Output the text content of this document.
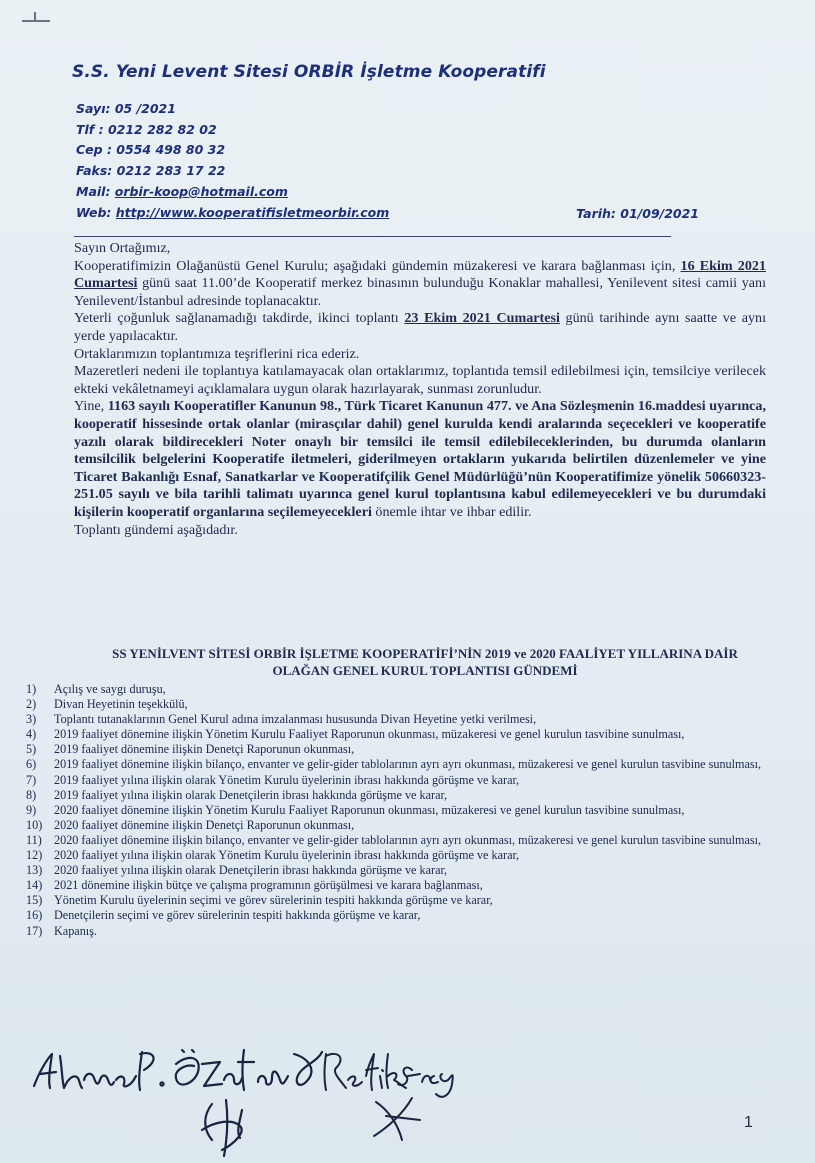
S.S. Yeni Levent Sitesi ORBİR İşletme Kooperatifi
Sayı: 05 /2021
Tlf : 0212 282 82 02
Cep : 0554 498 80 32
Faks: 0212 283 17 22
Mail: orbir-koop@hotmail.com
Web: http://www.kooperatifisletmeorbir.com	Tarih: 01/09/2021

Sayın Ortağımız,

Kooperatifimizin Olağanüstü Genel Kurulu; aşağıdaki gündemin müzakeresi ve karara bağlanması için, 16 Ekim 2021 Cumartesi günü saat 11.00’de Kooperatif merkez binasının bulunduğu Konaklar mahallesi, Yenilevent sitesi camii yanı Yenilevent/İstanbul adresinde toplanacaktır.

Yeterli çoğunluk sağlanamadığı takdirde, ikinci toplantı 23 Ekim 2021 Cumartesi günü tarihinde aynı saatte ve aynı yerde yapılacaktır.

Ortaklarımızın toplantımıza teşriflerini rica ederiz.

Mazeretleri nedeni ile toplantıya katılamayacak olan ortaklarımız, toplantıda temsil edilebilmesi için, temsilciye verilecek ekteki vekâletnameyi açıklamalara uygun olarak hazırlayarak, sunması zorunludur.

Yine, 1163 sayılı Kooperatifler Kanunun 98., Türk Ticaret Kanunun 477. ve Ana Sözleşmenin 16.maddesi uyarınca, kooperatif hissesinde ortak olanlar (mirasçılar dahil) genel kurulda kendi aralarında seçecekleri ve kooperatife yazılı olarak bildirecekleri Noter onaylı bir temsilci ile temsil edilebileceklerinden, bu durumda olanların temsilcilik belgelerini Kooperatife iletmeleri, giderilmeyen ortakların yukarıda belirtilen düzenlemeler ve yine Ticaret Bakanlığı Esnaf, Sanatkarlar ve Kooperatifçilik Genel Müdürlüğü’nün Kooperatifimize yönelik 50660323-251.05 sayılı ve bila tarihli talimatı uyarınca genel kurul toplantısına kabul edilemeyecekleri ve bu durumdaki kişilerin kooperatif organlarına seçilemeyecekleri önemle ihtar ve ihbar edilir.

Toplantı gündemi aşağıdadır.

SS YENİLVENT SİTESİ ORBİR İŞLETME KOOPERATİFİ’NİN 2019 ve 2020 FAALİYET YILLARINA DAİR
OLAĞAN GENEL KURUL TOPLANTISI GÜNDEMİ
1) Açılış ve saygı duruşu,
2) Divan Heyetinin teşekkülü,
3) Toplantı tutanaklarının Genel Kurul adına imzalanması hususunda Divan Heyetine yetki verilmesi,
4) 2019 faaliyet dönemine ilişkin Yönetim Kurulu Faaliyet Raporunun okunması, müzakeresi ve genel kurulun tasvibine sunulması,
5) 2019 faaliyet dönemine ilişkin Denetçi Raporunun okunması,
6) 2019 faaliyet dönemine ilişkin bilanço, envanter ve gelir-gider tablolarının ayrı ayrı okunması, müzakeresi ve genel kurulun tasvibine sunulması,
7) 2019 faaliyet yılına ilişkin olarak Yönetim Kurulu üyelerinin ibrası hakkında görüşme ve karar,
8) 2019 faaliyet yılına ilişkin olarak Denetçilerin ibrası hakkında görüşme ve karar,
9) 2020 faaliyet dönemine ilişkin Yönetim Kurulu Faaliyet Raporunun okunması, müzakeresi ve genel kurulun tasvibine sunulması,
10) 2020 faaliyet dönemine ilişkin Denetçi Raporunun okunması,
11) 2020 faaliyet dönemine ilişkin bilanço, envanter ve gelir-gider tablolarının ayrı ayrı okunması, müzakeresi ve genel kurulun tasvibine sunulması,
12) 2020 faaliyet yılına ilişkin olarak Yönetim Kurulu üyelerinin ibrası hakkında görüşme ve karar,
13) 2020 faaliyet yılına ilişkin olarak Denetçilerin ibrası hakkında görüşme ve karar,
14) 2021 dönemine ilişkin bütçe ve çalışma programının görüşülmesi ve karara bağlanması,
15) Yönetim Kurulu üyelerinin seçimi ve görev sürelerinin tespiti hakkında görüşme ve karar,
16) Denetçilerin seçimi ve görev sürelerinin tespiti hakkında görüşme ve karar,
17) Kapanış.
1
